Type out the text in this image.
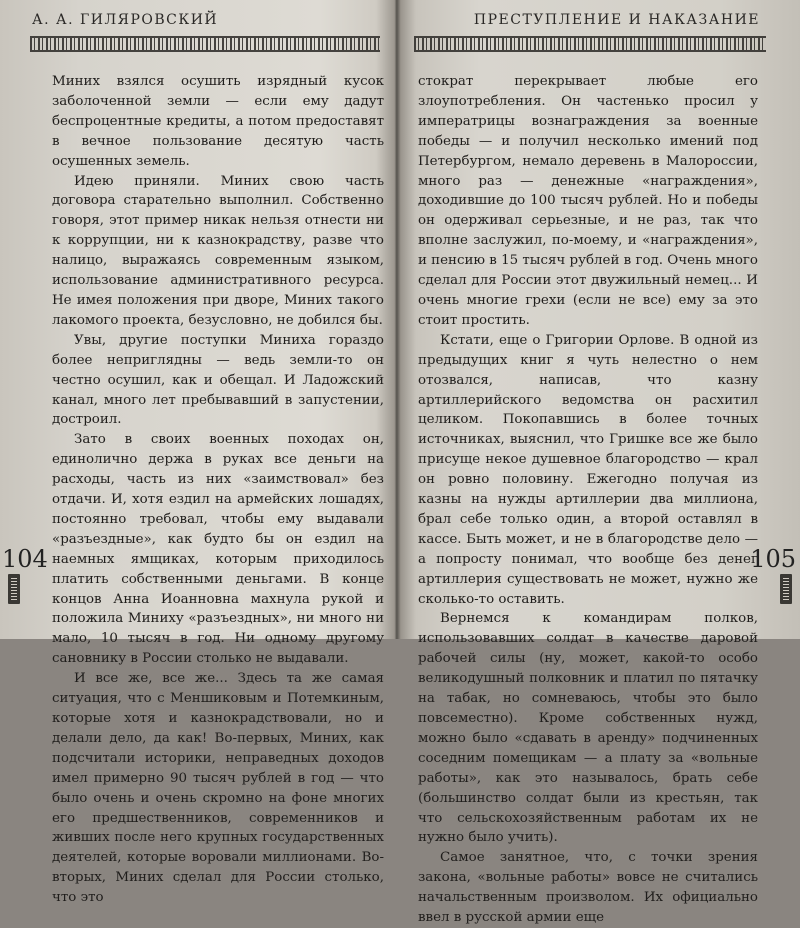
А. А. ГИЛЯРОВСКИЙ

Миних взялся осушить изрядный кусок заболоченной земли — если ему дадут беспроцентные кредиты, а потом предоставят в вечное пользование десятую часть осушенных земель.

Идею приняли. Миних свою часть договора старательно выполнил. Собственно говоря, этот пример никак нельзя отнести ни к коррупции, ни к казнокрадству, разве что налицо, выражаясь современным языком, использование административного ресурса. Не имея положения при дворе, Миних такого лакомого проекта, безусловно, не добился бы.

Увы, другие поступки Миниха гораздо более неприглядны — ведь земли-то он честно осушил, как и обещал. И Ладожский канал, много лет пребывавший в запустении, достроил.

Зато в своих военных походах он, единолично держа в руках все деньги на расходы, часть из них «заимствовал» без отдачи. И, хотя ездил на армейских лошадях, постоянно требовал, чтобы ему выдавали «разъездные», как будто бы он ездил на наемных ямщиках, которым приходилось платить собственными деньгами. В конце концов Анна Иоанновна махнула рукой и положила Миниху «разъездных», ни много ни мало, 10 тысяч в год. Ни одному другому сановнику в России столько не выдавали.

И все же, все же... Здесь та же самая ситуация, что с Меншиковым и Потемкиным, которые хотя и казнокрадствовали, но и делали дело, да как! Во-первых, Миних, как подсчитали историки, неправедных доходов имел примерно 90 тысяч рублей в год — что было очень и очень скромно на фоне многих его предшественников, современников и живших после него крупных государственных деятелей, которые воровали миллионами. Во-вторых, Миних сделал для России столько, что это

104
ПРЕСТУПЛЕНИЕ И НАКАЗАНИЕ

стократ перекрывает любые его злоупотребления. Он частенько просил у императрицы вознаграждения за военные победы — и получил несколько имений под Петербургом, немало деревень в Малороссии, много раз — денежные «награждения», доходившие до 100 тысяч рублей. Но и победы он одерживал серьезные, и не раз, так что вполне заслужил, по-моему, и «награждения», и пенсию в 15 тысяч рублей в год. Очень много сделал для России этот двужильный немец... И очень многие грехи (если не все) ему за это стоит простить.

Кстати, еще о Григории Орлове. В одной из предыдущих книг я чуть нелестно о нем отозвался, написав, что казну артиллерийского ведомства он расхитил целиком. Покопавшись в более точных источниках, выяснил, что Гришке все же было присуще некое душевное благородство — крал он ровно половину. Ежегодно получая из казны на нужды артиллерии два миллиона, брал себе только один, а второй оставлял в кассе. Быть может, и не в благородстве дело — а попросту понимал, что вообще без денег артиллерия существовать не может, нужно же сколько-то оставить.

Вернемся к командирам полков, использовавших солдат в качестве даровой рабочей силы (ну, может, какой-то особо великодушный полковник и платил по пятачку на табак, но сомневаюсь, чтобы это было повсеместно). Кроме собственных нужд, можно было «сдавать в аренду» подчиненных соседним помещикам — а плату за «вольные работы», как это называлось, брать себе (большинство солдат были из крестьян, так что сельскохозяйственным работам их не нужно было учить).

Самое занятное, что, с точки зрения закона, «вольные работы» вовсе не считались начальственным произволом. Их официально ввел в русской армии еще

105
